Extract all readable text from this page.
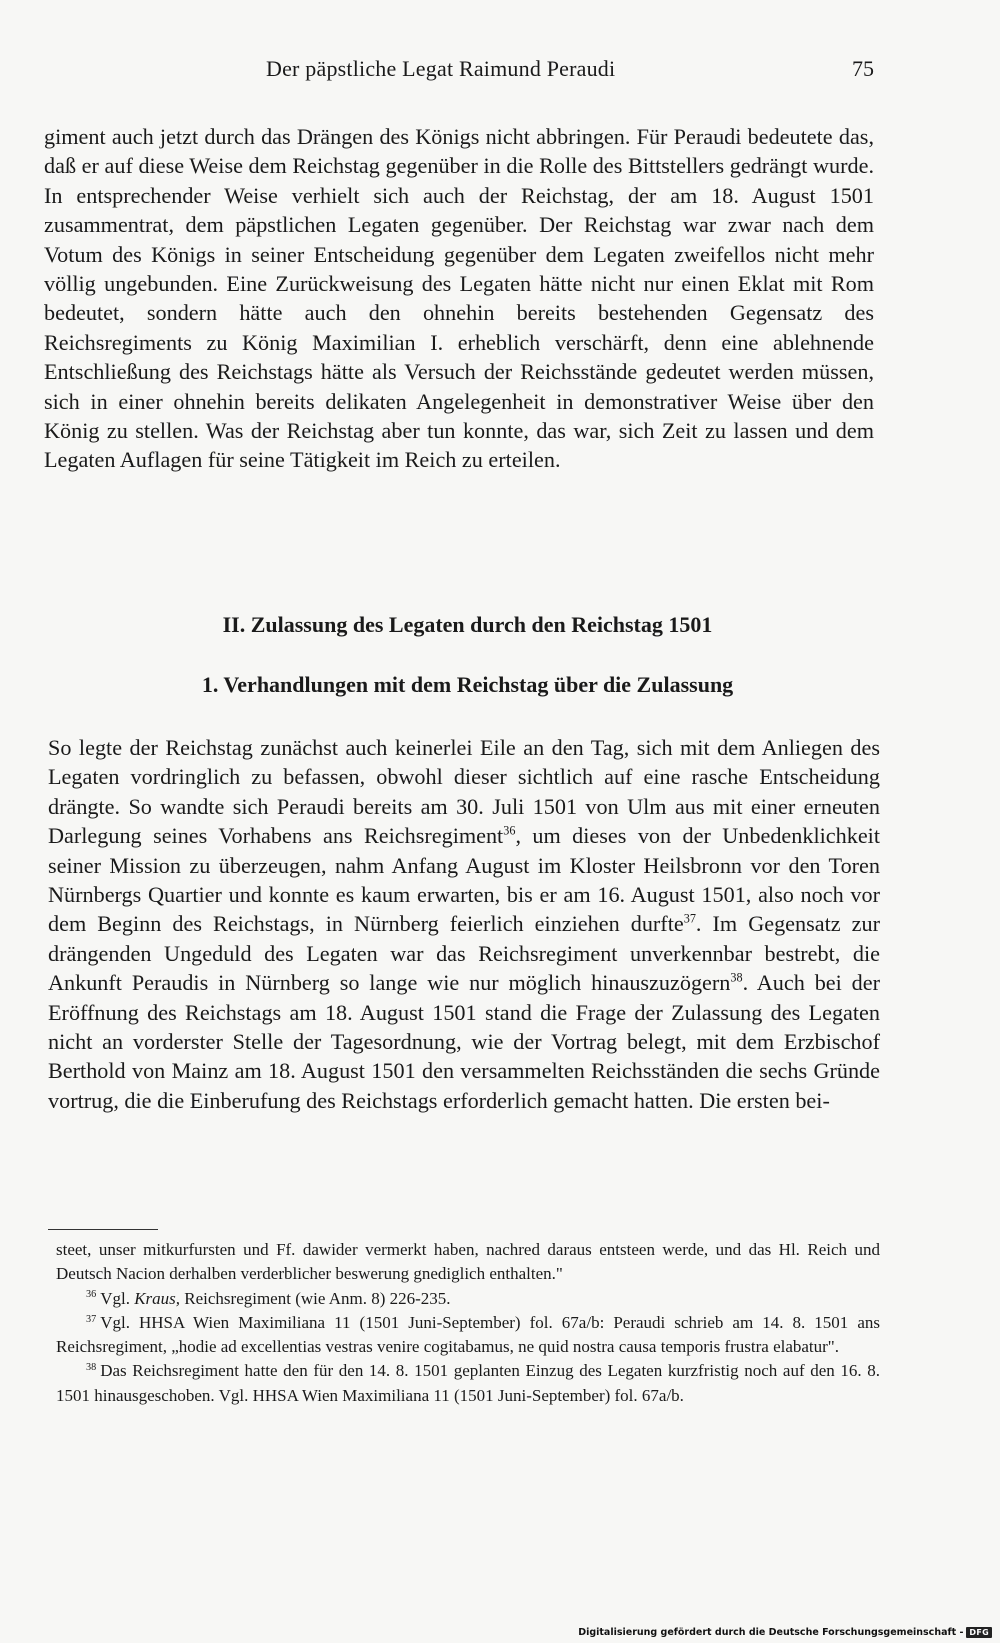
Der päpstliche Legat Raimund Peraudi	75

giment auch jetzt durch das Drängen des Königs nicht abbringen. Für Peraudi bedeutete das, daß er auf diese Weise dem Reichstag gegenüber in die Rolle des Bittstellers gedrängt wurde. In entsprechender Weise verhielt sich auch der Reichstag, der am 18. August 1501 zusammentrat, dem päpstlichen Legaten gegenüber. Der Reichstag war zwar nach dem Votum des Königs in seiner Entscheidung gegenüber dem Legaten zweifellos nicht mehr völlig ungebunden. Eine Zurückweisung des Legaten hätte nicht nur einen Eklat mit Rom bedeutet, sondern hätte auch den ohnehin bereits bestehenden Gegensatz des Reichsregiments zu König Maximilian I. erheblich verschärft, denn eine ablehnende Entschließung des Reichstags hätte als Versuch der Reichsstände gedeutet werden müssen, sich in einer ohnehin bereits delikaten Angelegenheit in demonstrativer Weise über den König zu stellen. Was der Reichstag aber tun konnte, das war, sich Zeit zu lassen und dem Legaten Auflagen für seine Tätigkeit im Reich zu erteilen.

II. Zulassung des Legaten durch den Reichstag 1501
1. Verhandlungen mit dem Reichstag über die Zulassung

So legte der Reichstag zunächst auch keinerlei Eile an den Tag, sich mit dem Anliegen des Legaten vordringlich zu befassen, obwohl dieser sichtlich auf eine rasche Entscheidung drängte. So wandte sich Peraudi bereits am 30. Juli 1501 von Ulm aus mit einer erneuten Darlegung seines Vorhabens ans Reichsregiment$^{36}$, um dieses von der Unbedenklichkeit seiner Mission zu überzeugen, nahm Anfang August im Kloster Heilsbronn vor den Toren Nürnbergs Quartier und konnte es kaum erwarten, bis er am 16. August 1501, also noch vor dem Beginn des Reichstags, in Nürnberg feierlich einziehen durfte$^{37}$. Im Gegensatz zur drängenden Ungeduld des Legaten war das Reichsregiment unverkennbar bestrebt, die Ankunft Peraudis in Nürnberg so lange wie nur möglich hinauszuzögern$^{38}$. Auch bei der Eröffnung des Reichstags am 18. August 1501 stand die Frage der Zulassung des Legaten nicht an vorderster Stelle der Tagesordnung, wie der Vortrag belegt, mit dem Erzbischof Berthold von Mainz am 18. August 1501 den versammelten Reichsständen die sechs Gründe vortrug, die die Einberufung des Reichstags erforderlich gemacht hatten. Die ersten bei-

steet, unser mitkurfursten und Ff. dawider vermerkt haben, nachred daraus entsteen werde, und das Hl. Reich und Deutsch Nacion derhalben verderblicher beswerung gnediglich enthalten."

$^{36}$ Vgl. Kraus, Reichsregiment (wie Anm. 8) 226-235.

$^{37}$ Vgl. HHSA Wien Maximiliana 11 (1501 Juni-September) fol. 67a/b: Peraudi schrieb am 14. 8. 1501 ans Reichsregiment, „hodie ad excellentias vestras venire cogitabamus, ne quid nostra causa temporis frustra elabatur".

$^{38}$ Das Reichsregiment hatte den für den 14. 8. 1501 geplanten Einzug des Legaten kurzfristig noch auf den 16. 8. 1501 hinausgeschoben. Vgl. HHSA Wien Maximiliana 11 (1501 Juni-September) fol. 67a/b.

Digitalisierung gefördert durch die Deutsche Forschungsgemeinschaft - DFG
